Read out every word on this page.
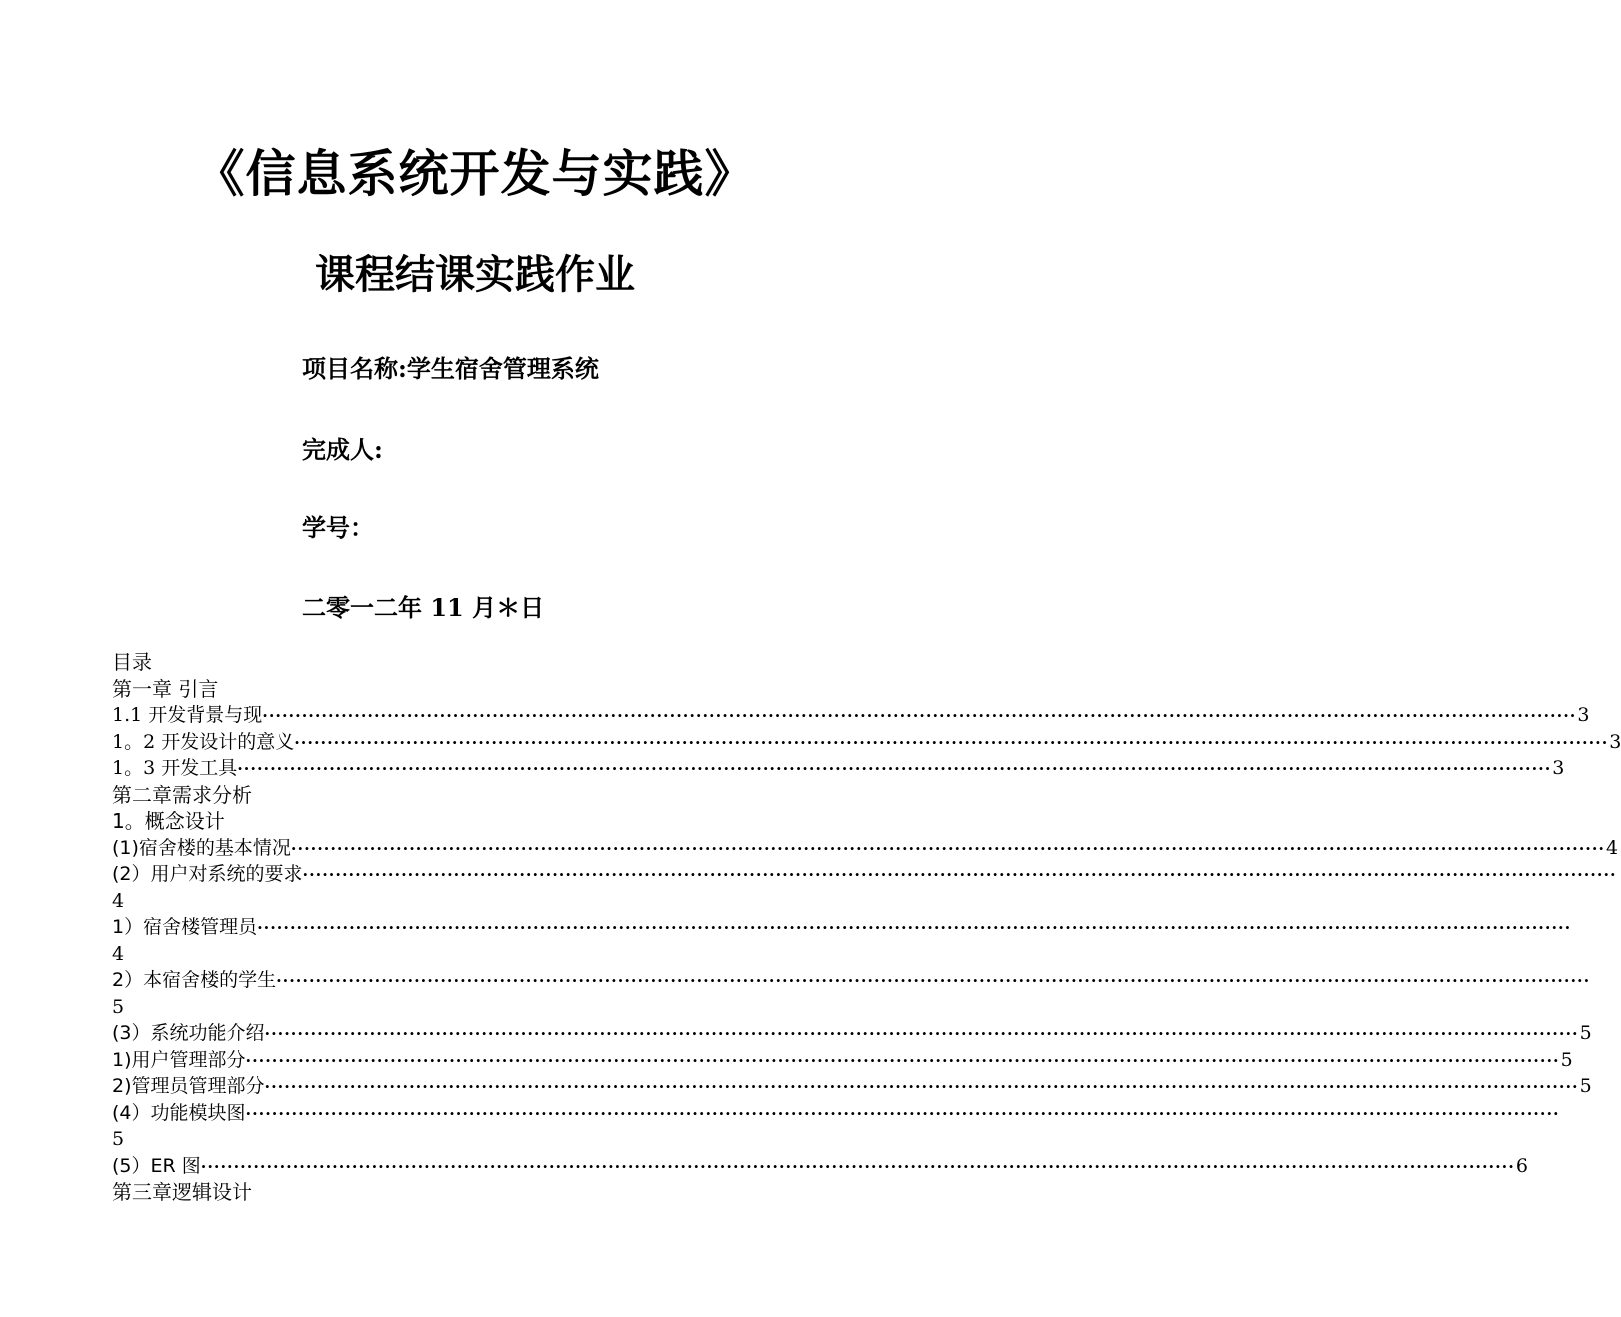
《信息系统开发与实践》
课程结课实践作业
项目名称:学生宿舍管理系统
完成人:
学号：
二零一二年 11 月＊日
目录
第一章 引言
1.1 开发背景与现 ········································································································································································································ 3
1。2 开发设计的意义 ········································································································································································································ 3
1。3 开发工具 ········································································································································································································ 3
第二章需求分析
1。概念设计
(1)宿舍楼的基本情况 ········································································································································································································ 4
(2）用户对系统的要求 ········································································································································································································
4
1）宿舍楼管理员 ········································································································································································································
4
2）本宿舍楼的学生 ········································································································································································································
5
(3）系统功能介绍 ········································································································································································································ 5
1)用户管理部分 ········································································································································································································ 5
2)管理员管理部分 ········································································································································································································ 5
(4）功能模块图 ········································································································································································································
5
(5）ER 图 ········································································································································································································ 6
第三章逻辑设计
